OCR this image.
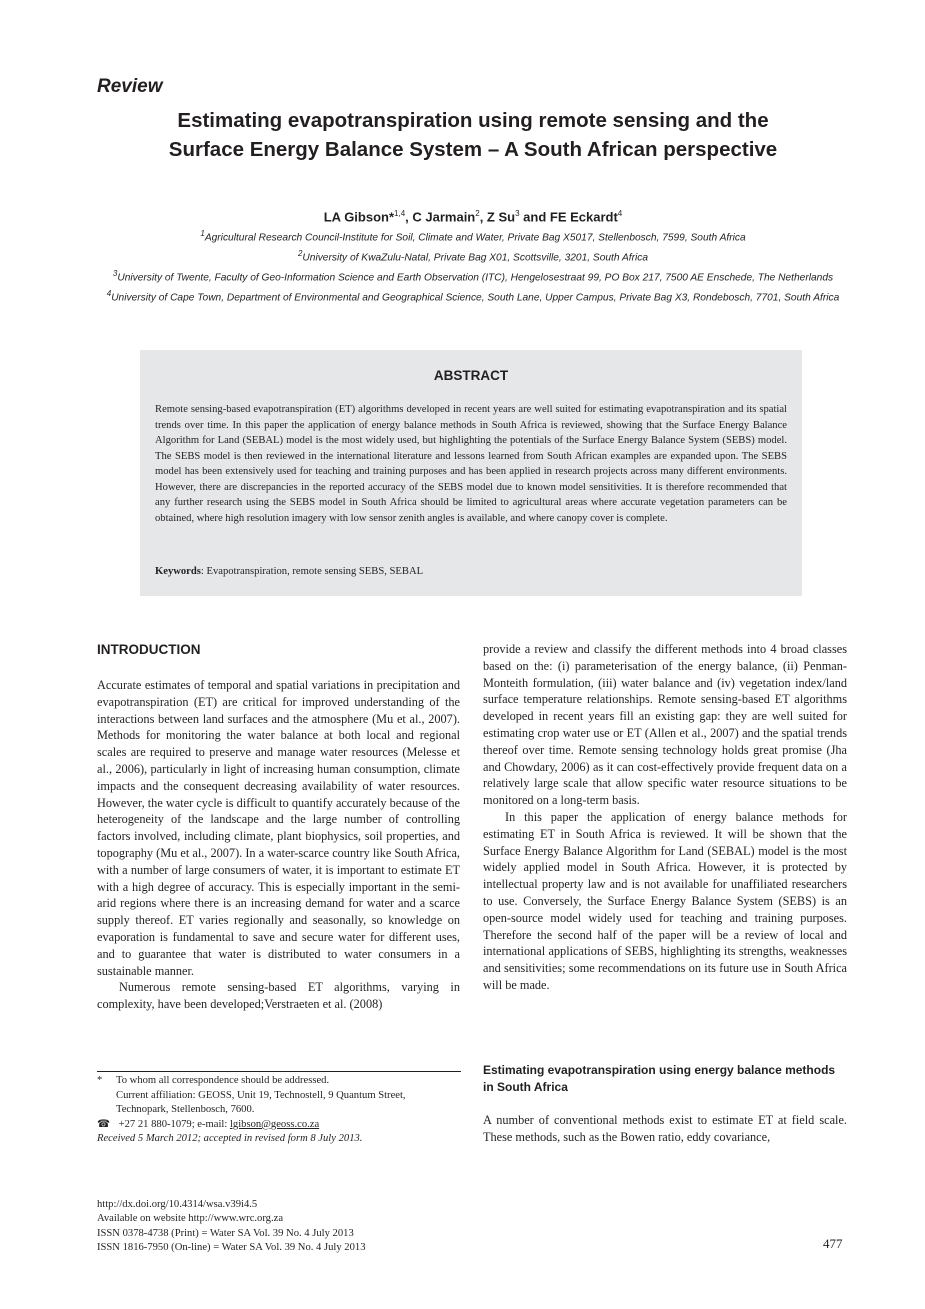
Review
Estimating evapotranspiration using remote sensing and the
Surface Energy Balance System – A South African perspective
LA Gibson*$^{1,4}$, C Jarmain$^2$, Z Su$^3$ and FE Eckardt$^4$
$^1$Agricultural Research Council-Institute for Soil, Climate and Water, Private Bag X5017, Stellenbosch, 7599, South Africa
$^2$University of KwaZulu-Natal, Private Bag X01, Scottsville, 3201, South Africa
$^3$University of Twente, Faculty of Geo-Information Science and Earth Observation (ITC), Hengelosestraat 99, PO Box 217, 7500 AE Enschede, The Netherlands
$^4$University of Cape Town, Department of Environmental and Geographical Science, South Lane, Upper Campus, Private Bag X3, Rondebosch, 7701, South Africa
ABSTRACT
Remote sensing-based evapotranspiration (ET) algorithms developed in recent years are well suited for estimating evapotranspiration and its spatial trends over time. In this paper the application of energy balance methods in South Africa is reviewed, showing that the Surface Energy Balance Algorithm for Land (SEBAL) model is the most widely used, but highlighting the potentials of the Surface Energy Balance System (SEBS) model. The SEBS model is then reviewed in the international literature and lessons learned from South African examples are expanded upon. The SEBS model has been extensively used for teaching and training purposes and has been applied in research projects across many different environments. However, there are discrepancies in the reported accuracy of the SEBS model due to known model sensitivities. It is therefore recommended that any further research using the SEBS model in South Africa should be limited to agricultural areas where accurate vegetation parameters can be obtained, where high resolution imagery with low sensor zenith angles is available, and where canopy cover is complete.
Keywords: Evapotranspiration, remote sensing SEBS, SEBAL
INTRODUCTION

Accurate estimates of temporal and spatial variations in precipitation and evapotranspiration (ET) are critical for improved understanding of the interactions between land surfaces and the atmosphere (Mu et al., 2007). Methods for monitoring the water balance at both local and regional scales are required to preserve and manage water resources (Melesse et al., 2006), particularly in light of increasing human consumption, climate impacts and the consequent decreasing availability of water resources. However, the water cycle is difficult to quantify accurately because of the heterogeneity of the landscape and the large number of controlling factors involved, including climate, plant biophysics, soil properties, and topography (Mu et al., 2007). In a water-scarce country like South Africa, with a number of large consumers of water, it is important to estimate ET with a high degree of accuracy. This is especially important in the semi-arid regions where there is an increasing demand for water and a scarce supply thereof. ET varies regionally and seasonally, so knowledge on evaporation is fundamental to save and secure water for different uses, and to guarantee that water is distributed to water consumers in a sustainable manner.

Numerous remote sensing-based ET algorithms, varying in complexity, have been developed;Verstraeten et al. (2008)

provide a review and classify the different methods into 4 broad classes based on the: (i) parameterisation of the energy balance, (ii) Penman-Monteith formulation, (iii) water balance and (iv) vegetation index/land surface temperature relationships. Remote sensing-based ET algorithms developed in recent years fill an existing gap: they are well suited for estimating crop water use or ET (Allen et al., 2007) and the spatial trends thereof over time. Remote sensing technology holds great promise (Jha and Chowdary, 2006) as it can cost-effectively provide frequent data on a relatively large scale that allow specific water resource situations to be monitored on a long-term basis.

In this paper the application of energy balance methods for estimating ET in South Africa is reviewed. It will be shown that the Surface Energy Balance Algorithm for Land (SEBAL) model is the most widely applied model in South Africa. However, it is protected by intellectual property law and is not available for unaffiliated researchers to use. Conversely, the Surface Energy Balance System (SEBS) is an open-source model widely used for teaching and training purposes. Therefore the second half of the paper will be a review of local and international applications of SEBS, highlighting its strengths, weaknesses and sensitivities; some recommendations on its future use in South Africa will be made.

Estimating evapotranspiration using energy balance methods in South Africa

A number of conventional methods exist to estimate ET at field scale. These methods, such as the Bowen ratio, eddy covariance,

* To whom all correspondence should be addressed.
Current affiliation: GEOSS, Unit 19, Technostell, 9 Quantum Street,
Technopark, Stellenbosch, 7600.
☎ +27 21 880-1079; e-mail: lgibson@geoss.co.za
Received 5 March 2012; accepted in revised form 8 July 2013.
http://dx.doi.org/10.4314/wsa.v39i4.5
Available on website http://www.wrc.org.za
ISSN 0378-4738 (Print) = Water SA Vol. 39 No. 4 July 2013
ISSN 1816-7950 (On-line) = Water SA Vol. 39 No. 4 July 2013	477
